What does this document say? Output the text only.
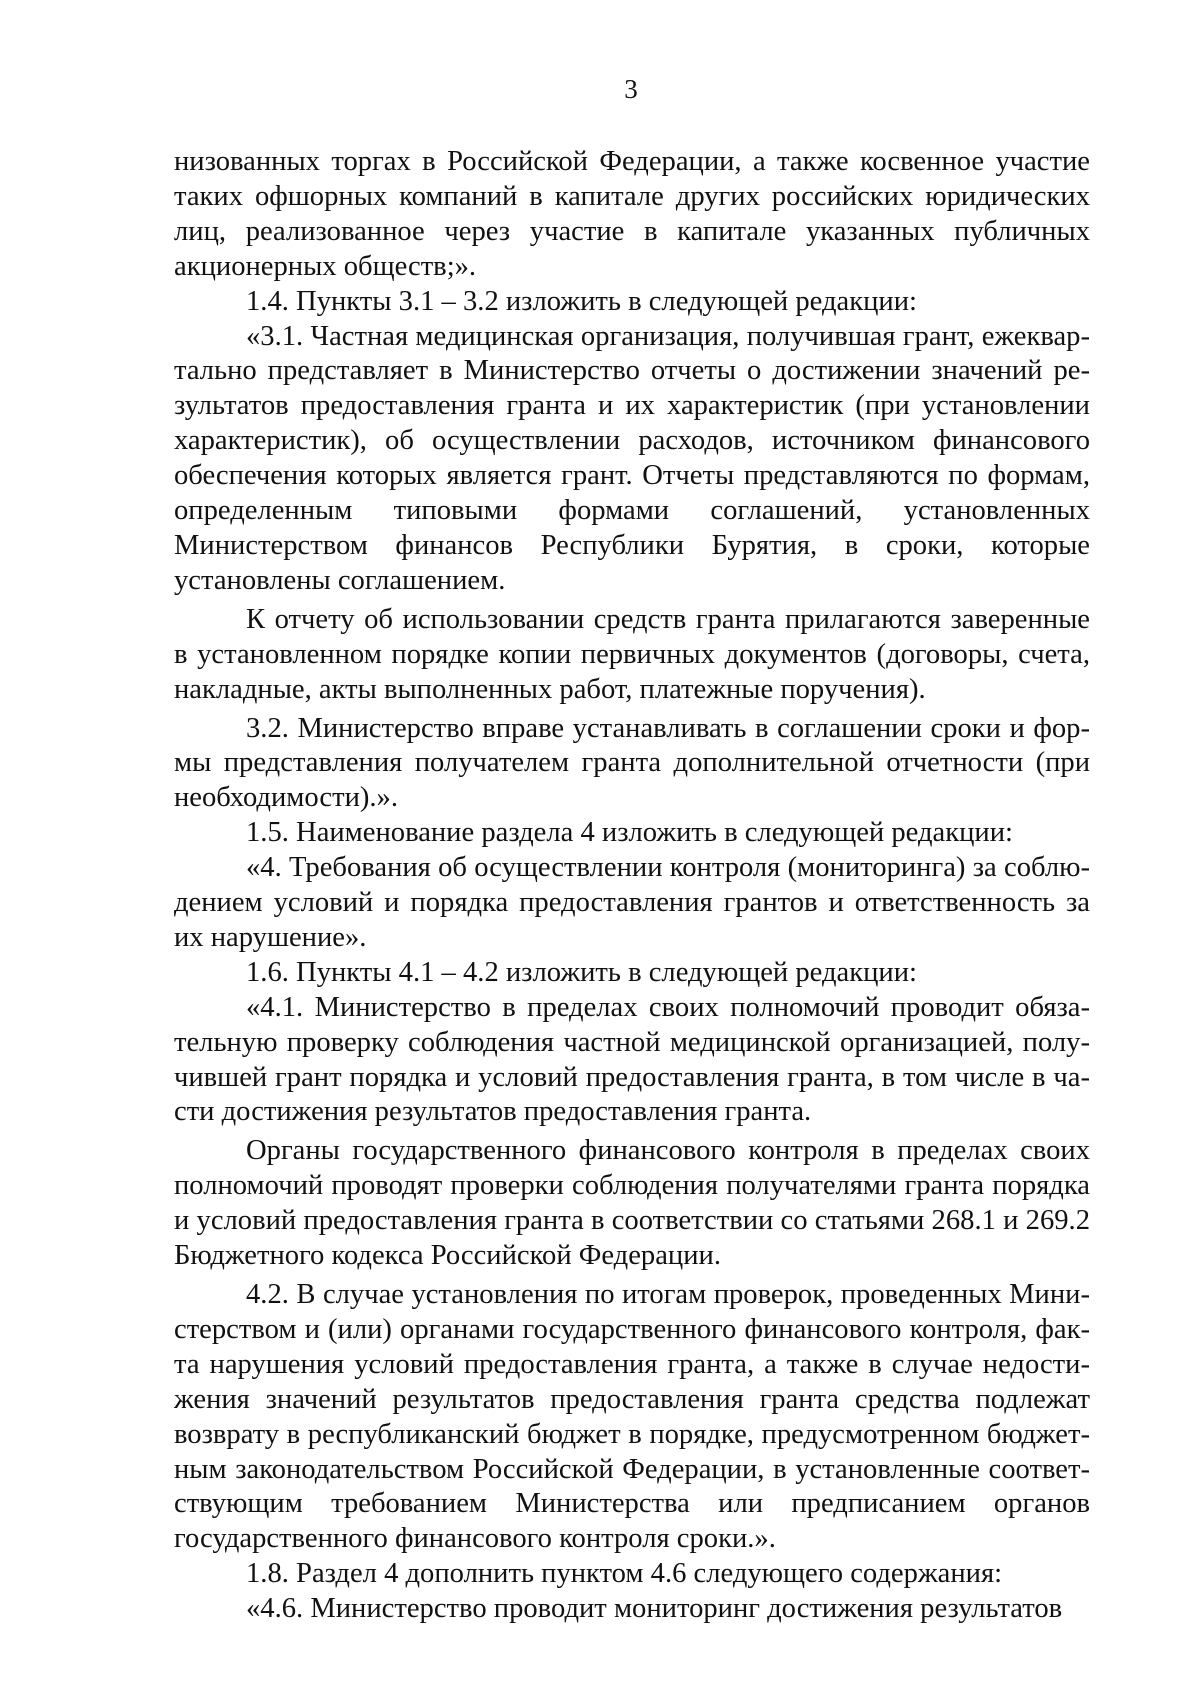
3

низованных торгах в Российской Федерации, а также косвенное участие таких офшорных компаний в капитале других российских юридических лиц, реализованное через участие в капитале указанных публичных акционерных обществ;».

1.4. Пункты 3.1 – 3.2 изложить в следующей редакции:

«3.1. Частная медицинская организация, получившая грант, ежеквартально представляет в Министерство отчеты о достижении значений результатов предоставления гранта и их характеристик (при установлении характеристик), об осуществлении расходов, источником финансового обеспечения которых является грант. Отчеты представляются по формам, определенным типовыми формами соглашений, установленных Министерством финансов Республики Бурятия, в сроки, которые установлены соглашением.

К отчету об использовании средств гранта прилагаются заверенные в установленном порядке копии первичных документов (договоры, счета, накладные, акты выполненных работ, платежные поручения).

3.2. Министерство вправе устанавливать в соглашении сроки и формы представления получателем гранта дополнительной отчетности (при необходимости).».

1.5. Наименование раздела 4 изложить в следующей редакции:

«4. Требования об осуществлении контроля (мониторинга) за соблюдением условий и порядка предоставления грантов и ответственность за их нарушение».

1.6. Пункты 4.1 – 4.2 изложить в следующей редакции:

«4.1. Министерство в пределах своих полномочий проводит обязательную проверку соблюдения частной медицинской организацией, получившей грант порядка и условий предоставления гранта, в том числе в части достижения результатов предоставления гранта.

Органы государственного финансового контроля в пределах своих полномочий проводят проверки соблюдения получателями гранта порядка и условий предоставления гранта в соответствии со статьями 268.1 и 269.2 Бюджетного кодекса Российской Федерации.

4.2. В случае установления по итогам проверок, проведенных Министерством и (или) органами государственного финансового контроля, факта нарушения условий предоставления гранта, а также в случае недостижения значений результатов предоставления гранта средства подлежат возврату в республиканский бюджет в порядке, предусмотренном бюджетным законодательством Российской Федерации, в установленные соответствующим требованием Министерства или предписанием органов государственного финансового контроля сроки.».

1.8. Раздел 4 дополнить пунктом 4.6 следующего содержания:

«4.6. Министерство проводит мониторинг достижения результатов
